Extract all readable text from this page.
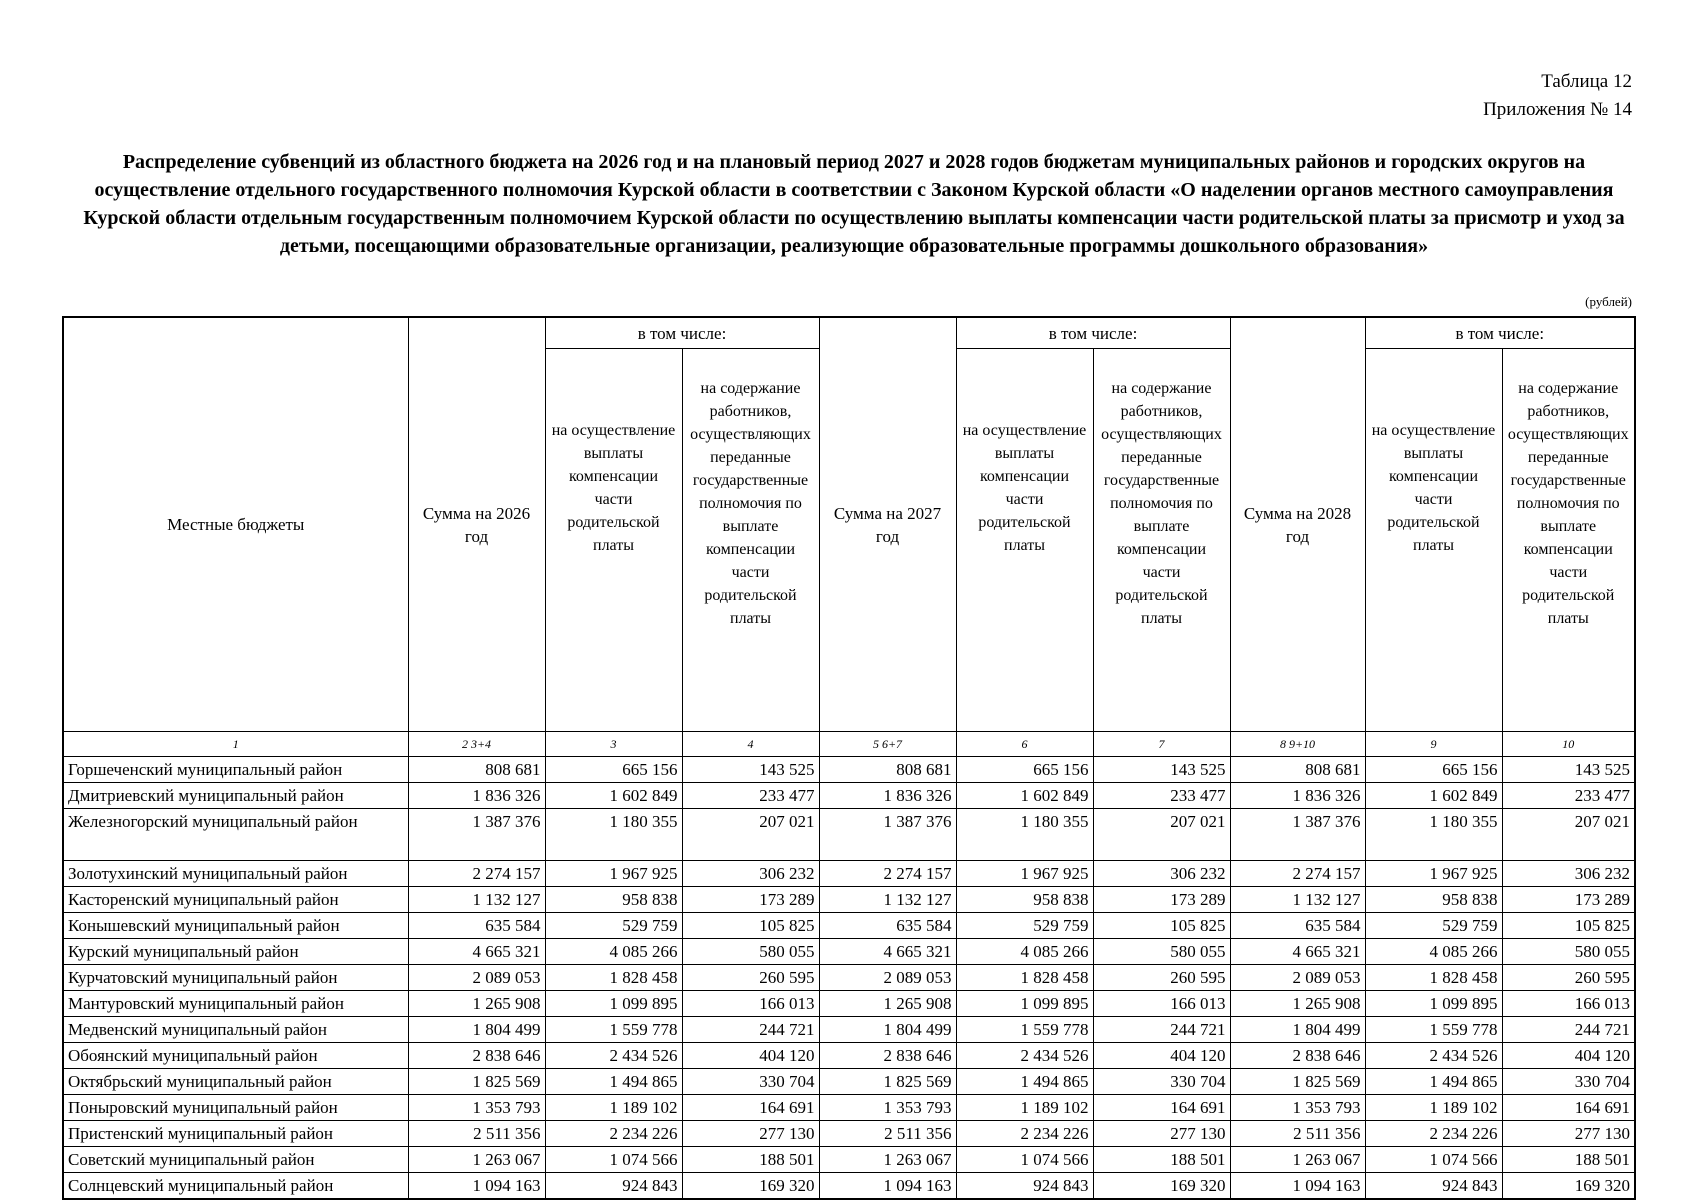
Таблица 12
Приложения № 14
Распределение субвенций из областного бюджета на 2026 год и на плановый период 2027 и 2028 годов бюджетам муниципальных районов и городских округов на осуществление отдельного государственного полномочия Курской области в соответствии с Законом Курской области «О наделении органов местного самоуправления Курской области отдельным государственным полномочием Курской области по осуществлению выплаты компенсации части родительской платы за присмотр и уход за детьми, посещающими образовательные организации, реализующие образовательные программы дошкольного образования»
(рублей)
Местные бюджеты	Сумма на 2026 год	в том числе:		Сумма на 2027 год	в том числе:		Сумма на 2028 год	в том числе:	
		на осуществление выплаты компенсации части родительской платы	на содержание работников, осуществляющих переданные государственные полномочия по выплате компенсации части родительской платы		на осуществление выплаты компенсации части родительской платы	на содержание работников, осуществляющих переданные государственные полномочия по выплате компенсации части родительской платы		на осуществление выплаты компенсации части родительской платы	на содержание работников, осуществляющих переданные государственные полномочия по выплате компенсации части родительской платы
1	2 3+4	3	4	5 6+7	6	7	8 9+10	9	10
Горшеченский муниципальный район	808 681	665 156	143 525	808 681	665 156	143 525	808 681	665 156	143 525
Дмитриевский муниципальный район	1 836 326	1 602 849	233 477	1 836 326	1 602 849	233 477	1 836 326	1 602 849	233 477
Железногорский муниципальный район	1 387 376	1 180 355	207 021	1 387 376	1 180 355	207 021	1 387 376	1 180 355	207 021
Золотухинский муниципальный район	2 274 157	1 967 925	306 232	2 274 157	1 967 925	306 232	2 274 157	1 967 925	306 232
Касторенский муниципальный район	1 132 127	958 838	173 289	1 132 127	958 838	173 289	1 132 127	958 838	173 289
Конышевский муниципальный район	635 584	529 759	105 825	635 584	529 759	105 825	635 584	529 759	105 825
Курский муниципальный район	4 665 321	4 085 266	580 055	4 665 321	4 085 266	580 055	4 665 321	4 085 266	580 055
Курчатовский муниципальный район	2 089 053	1 828 458	260 595	2 089 053	1 828 458	260 595	2 089 053	1 828 458	260 595
Мантуровский муниципальный район	1 265 908	1 099 895	166 013	1 265 908	1 099 895	166 013	1 265 908	1 099 895	166 013
Медвенский муниципальный район	1 804 499	1 559 778	244 721	1 804 499	1 559 778	244 721	1 804 499	1 559 778	244 721
Обоянский муниципальный район	2 838 646	2 434 526	404 120	2 838 646	2 434 526	404 120	2 838 646	2 434 526	404 120
Октябрьский муниципальный район	1 825 569	1 494 865	330 704	1 825 569	1 494 865	330 704	1 825 569	1 494 865	330 704
Поныровский муниципальный район	1 353 793	1 189 102	164 691	1 353 793	1 189 102	164 691	1 353 793	1 189 102	164 691
Пристенский муниципальный район	2 511 356	2 234 226	277 130	2 511 356	2 234 226	277 130	2 511 356	2 234 226	277 130
Советский муниципальный район	1 263 067	1 074 566	188 501	1 263 067	1 074 566	188 501	1 263 067	1 074 566	188 501
Солнцевский муниципальный район	1 094 163	924 843	169 320	1 094 163	924 843	169 320	1 094 163	924 843	169 320
